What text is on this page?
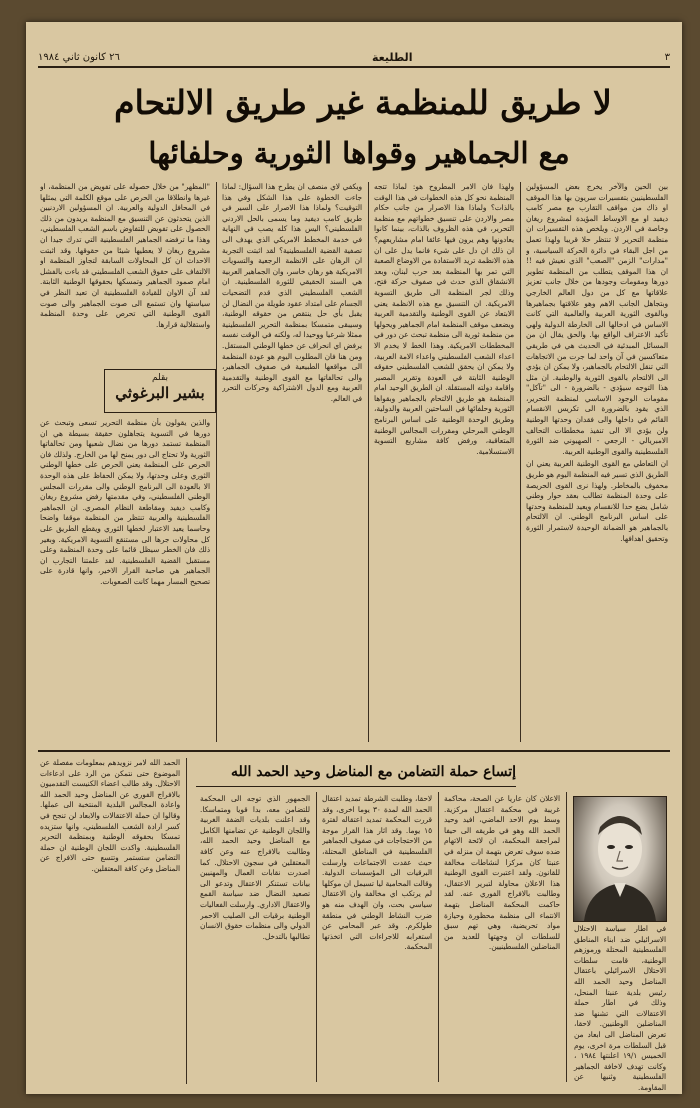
٣
الطليعة
٢٦ كانون ثاني ١٩٨٤
لا طريق للمنظمة غير طريق الالتحام
مع الجماهير وقواها الثورية وحلفائها

بين الحين والآخر يخرج بعض المسؤولين الفلسطينيين بتفسيرات سريون بها هذا الموقف او ذاك من مواقف التقارب مع مصر كامب ديفيد او مع الاوساط المؤيدة لمشروع ريغان وخاصة في الاردن. ويلخص هذه التفسيرات ان منظمة التحرير لا تنتظر حلا قريبا ولهذا تعمل من اجل البقاء في دائرة الحركة السياسية، و "مدارات" الزمن "الصعب" الذي نعيش فيه !! ان هذا الموقف يتطلب من المنظمة تطوير دورها ومقومات وجودها من خلال جانب تعزيز علاقاتها مع كل من دول العالم الخارجي وبتجاهل الجانب الاهم وهو علاقتها بجماهيرها وبالقوى الثورية العربية والعالمية التي كانت الاساس في ادخالها الى الخارطة الدولية ولهي تأكيد الاعتراف الواقع بها. والحق يقال ان من المسائل المبدئية في الحديث هي في طريقي متعاكسين في آن واحد لما جرت من الاتجاهات التي تنقل الالتحام بالجماهير، ولا يمكن ان يؤدي الى الالتحام بالقوى الثورية والوطنية. ان مثل هذا التوجه سيؤدي - بالضرورة - الى "تآكل" مقومات الوجود الاساسي لمنظمة التحرير، الذي يقود بالضرورة الى تكريس الانقسام القائم في داخلها والى فقدان وحدتها الوطنية ولن يؤدي الا الى تنفيذ مخططات التحالف الامبريالي - الرجعي - الصهيوني ضد الثورة الفلسطينية والقوى الوطنية العربية.

ان التعاطي مع القوى الوطنية العربية يعني ان الطريق الذي تسير فيه المنظمة اليوم هو طريق محفوف بالمخاطر. ولهذا نرى القوى الحريصة على وحدة المنظمة تطالب بعقد حوار وطني شامل يضع حدا للانقسام ويعيد للمنظمة وحدتها على اساس البرنامج الوطني. ان الالتحام بالجماهير هو الضمانة الوحيدة لاستمرار الثورة وتحقيق اهدافها.

ولهذا فان الامر المطروح هو: لماذا تتجه المنظمة نحو كل هذه الخطوات في هذا الوقت بالذات؟ ولماذا هذا الاصرار من جانب حكام مصر والاردن على تنسيق خطواتهم مع منظمة التحرير، في هذه الظروف بالذات، بينما كانوا يعادونها وهم يرون فيها عائقا امام مشاريعهم؟ ان ذلك ان دل على شيء فانما يدل على ان هذه الانظمة تريد الاستفادة من الاوضاع الصعبة التي تمر بها المنظمة بعد حرب لبنان، وبعد الانشقاق الذي حدث في صفوف حركة فتح، وذلك لجر المنظمة الى طريق التسوية الامريكية. ان التنسيق مع هذه الانظمة يعني الابتعاد عن القوى الوطنية والتقدمية العربية ويضعف موقف المنظمة امام الجماهير ويحولها من منظمة ثورية الى منظمة تبحث عن دور في المخططات الامريكية. وهذا الخط لا يخدم الا اعداء الشعب الفلسطيني واعداء الامة العربية، ولا يمكن ان يحقق للشعب الفلسطيني حقوقه الوطنية الثابتة في العودة وتقرير المصير واقامة دولته المستقلة. ان الطريق الوحيد امام المنظمة هو طريق الالتحام بالجماهير وبقواها الثورية وحلفائها في الساحتين العربية والدولية، وطريق الوحدة الوطنية على اساس البرنامج الوطني المرحلي ومقررات المجالس الوطنية المتعاقبة، ورفض كافة مشاريع التسوية الاستسلامية.

ويكفي لاي منصف ان يطرح هذا السؤال: لماذا جاءت الخطوة على هذا الشكل وفي هذا التوقيت؟ ولماذا هذا الاصرار على السير في طريق كامب ديفيد وما يسمى بالحل الاردني الفلسطيني؟ اليس هذا كله يصب في النهاية في خدمة المخطط الامريكي الذي يهدف الى تصفية القضية الفلسطينية؟ لقد اثبتت التجربة ان الرهان على الانظمة الرجعية والتسويات الامريكية هو رهان خاسر، وان الجماهير العربية هي السند الحقيقي للثورة الفلسطينية. ان الشعب الفلسطيني الذي قدم التضحيات الجسام على امتداد عقود طويلة من النضال لن يقبل بأي حل ينتقص من حقوقه الوطنية، وسيبقى متمسكا بمنظمة التحرير الفلسطينية ممثلا شرعيا ووحيدا له، ولكنه في الوقت نفسه يرفض اي انحراف عن خطها الوطني المستقل. ومن هنا فان المطلوب اليوم هو عودة المنظمة الى مواقعها الطبيعية في صفوف الجماهير، والى تحالفاتها مع القوى الوطنية والتقدمية العربية ومع الدول الاشتراكية وحركات التحرر في العالم.

"المظهر" من خلال حصوله على تفويض من المنظمة، او غيرها وانطلاقا من الحرص على موقع الكلمة التي يمثلها في المحافل الدولية والعربية. ان المسؤولين الاردنيين الذين يتحدثون عن التنسيق مع المنظمة يريدون من ذلك الحصول على تفويض للتفاوض باسم الشعب الفلسطيني، وهذا ما ترفضه الجماهير الفلسطينية التي تدرك جيدا ان مشروع ريغان لا يعطيها شيئا من حقوقها. وقد اثبتت الاحداث ان كل المحاولات السابقة لتجاوز المنظمة او الالتفاف على حقوق الشعب الفلسطيني قد باءت بالفشل امام صمود الجماهير وتمسكها بحقوقها الوطنية الثابتة. لقد آن الاوان للقيادة الفلسطينية ان تعيد النظر في سياستها وان تستمع الى صوت الجماهير والى صوت القوى الوطنية التي تحرص على وحدة المنظمة واستقلالية قرارها.

بقلم
بشير البرغوثي

والذين يقولون بأن منظمة التحرير تسعى وتبحث عن دورها في التسوية يتجاهلون حقيقة بسيطة هي ان المنظمة تستمد دورها من نضال شعبها ومن تحالفاتها الثورية ولا تحتاج الى دور يمنح لها من الخارج. ولذلك فان الحرص على المنظمة يعني الحرص على خطها الوطني الثوري وعلى وحدتها، ولا يمكن الحفاظ على هذه الوحدة الا بالعودة الى البرنامج الوطني والى مقررات المجلس الوطني الفلسطيني، وفي مقدمتها رفض مشروع ريغان وكامب ديفيد ومقاطعة النظام المصري. ان الجماهير الفلسطينية والعربية تنتظر من المنظمة موقفا واضحا وحاسما يعيد الاعتبار لخطها الثوري ويقطع الطريق على كل محاولات جرها الى مستنقع التسوية الامريكية. وبغير ذلك فان الخطر سيظل قائما على وحدة المنظمة وعلى مستقبل القضية الفلسطينية. لقد علمتنا التجارب ان الجماهير هي صاحبة القرار الاخير، وانها قادرة على تصحيح المسار مهما كانت الصعوبات.

إتساع حملة التضامن مع المناضل وحيد الحمد الله
في اطار سياسة الاحتلال الاسرائيلي ضد ابناء المناطق الفلسطينية المحتلة ورموزهم الوطنية، قامت سلطات الاحتلال الاسرائيلي باعتقال المناضل وحيد الحمد الله رئيس بلدية عنبتا المنحل، وذلك في اطار حملة الاعتقالات التي تشنها ضد المناضلين الوطنيين. لاحقا، تعرض المناضل الى ابعاد من قبل السلطات مرة اخرى، يوم الخميس ١٩/١ اعلنتها ١٩٨٤ ، وكانت تهدف لاخافة الجماهير الفلسطينية وثنيها عن المقاومة.

الاعلان كان عاريا عن الصحة، محاكمة غريبة في محكمة اعتقال مركزية. وسط يوم الاحد الماضي، افيد وحيد الحمد الله وهو في طريقه الى حيفا لمراجعة المحكمة، ان لائحة الاتهام ضده سوف تعرض بتهمة ان منزله في عنبتا كان مركزا لنشاطات مخالفة للقانون. ولقد اعتبرت القوى الوطنية هذا الاعلان محاولة لتبرير الاعتقال، وطالبت بالافراج الفوري عنه. لقد حاكمت المحكمة المناضل بتهمة الانتماء الى منظمة محظورة وحيازة مواد تحريضية، وهي تهم سبق للسلطات ان وجهتها للعديد من المناضلين الفلسطينيين.

لاحقا، وطلبت الشرطة تمديد اعتقال الحمد الله لمدة ٣٠ يوما اخرى، وقد قررت المحكمة تمديد اعتقاله لفترة ١٥ يوما. وقد اثار هذا القرار موجة من الاحتجاجات في صفوف الجماهير الفلسطينية في المناطق المحتلة، حيث عقدت الاجتماعات وارسلت البرقيات الى المؤسسات الدولية. وقالت المحامية ليا تسيمل ان موكلها لم يرتكب اي مخالفة وان الاعتقال سياسي بحت، وان الهدف منه هو ضرب النشاط الوطني في منطقة طولكرم. وقد عبر المحامي عن استغرابه للاجراءات التي اتخذتها المحكمة.

الجمهور الذي توجه الى المحكمة للتضامن معه، بدا قويا ومتماسكا. وقد اعلنت بلديات الضفة الغربية واللجان الوطنية عن تضامنها الكامل مع المناضل وحيد الحمد الله، وطالبت بالافراج عنه وعن كافة المعتقلين في سجون الاحتلال. كما اصدرت نقابات العمال والمهنيين بيانات تستنكر الاعتقال وتدعو الى تصعيد النضال ضد سياسة القمع والاعتقال الاداري. وارسلت الفعاليات الوطنية برقيات الى الصليب الاحمر الدولي والى منظمات حقوق الانسان تطالبها بالتدخل.

الحمد الله لامر نزويدهم بمعلومات مفصلة عن الموضوع حتى نتمكن من الرد على ادعاءات الاحتلال. وقد طالب اعضاء الكنيست التقدميون بالافراج الفوري عن المناضل وحيد الحمد الله واعادة المجالس البلدية المنتخبة الى عملها. وقالوا ان حملة الاعتقالات والابعاد لن تنجح في كسر ارادة الشعب الفلسطيني، وانها ستزيده تمسكا بحقوقه الوطنية وبمنظمة التحرير الفلسطينية. واكدت اللجان الوطنية ان حملة التضامن ستستمر وتتسع حتى الافراج عن المناضل وعن كافة المعتقلين.
